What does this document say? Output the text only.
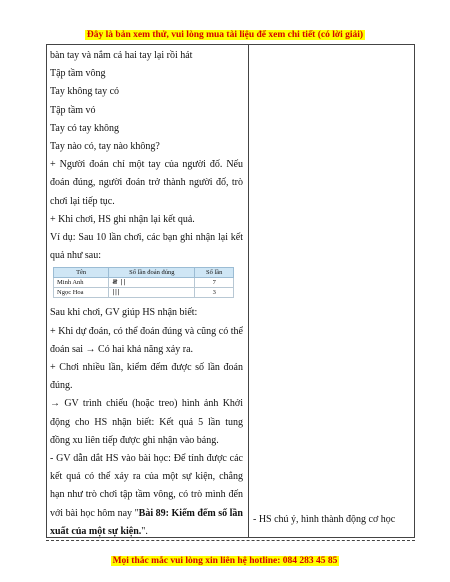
Đây là bản xem thử, vui lòng mua tài liệu để xem chi tiết (có lời giải)

bàn tay và nắm cả hai tay lại rồi hát

Tập tầm vông

Tay không tay có

Tập tầm vó

Tay có tay không

Tay nào có, tay nào không?

+ Người đoán chỉ một tay của người đố. Nếu đoán đúng, người đoán trở thành người đố, trò chơi lại tiếp tục.

+ Khi chơi, HS ghi nhận lại kết quả.

Ví dụ: Sau 10 lần chơi, các bạn ghi nhận lại kết quả như sau:

Tên	Số lần đoán đúng	Số lần
Minh Anh	𝍸 ||	7
Ngọc Hoa	|||	3

Sau khi chơi, GV giúp HS nhận biết:

+ Khi dự đoán, có thể đoán đúng và cũng có thể đoán sai → Có hai khả năng xảy ra.

+ Chơi nhiều lần, kiểm đếm được số lần đoán đúng.

→ GV trình chiếu (hoặc treo) hình ảnh Khởi động cho HS nhận biết: Kết quả 5 lần tung đồng xu liên tiếp được ghi nhận vào bảng.

- GV dẫn dắt HS vào bài học: Để tính được các kết quả có thể xảy ra của một sự kiện, chẳng hạn như trò chơi tập tầm vông, có trò mình đến với bài học hôm nay "Bài 89: Kiểm đếm số lần xuất của một sự kiện.".

- HS chú ý, hình thành động cơ học

Mọi thắc mắc vui lòng xin liên hệ hotline: 084 283 45 85
